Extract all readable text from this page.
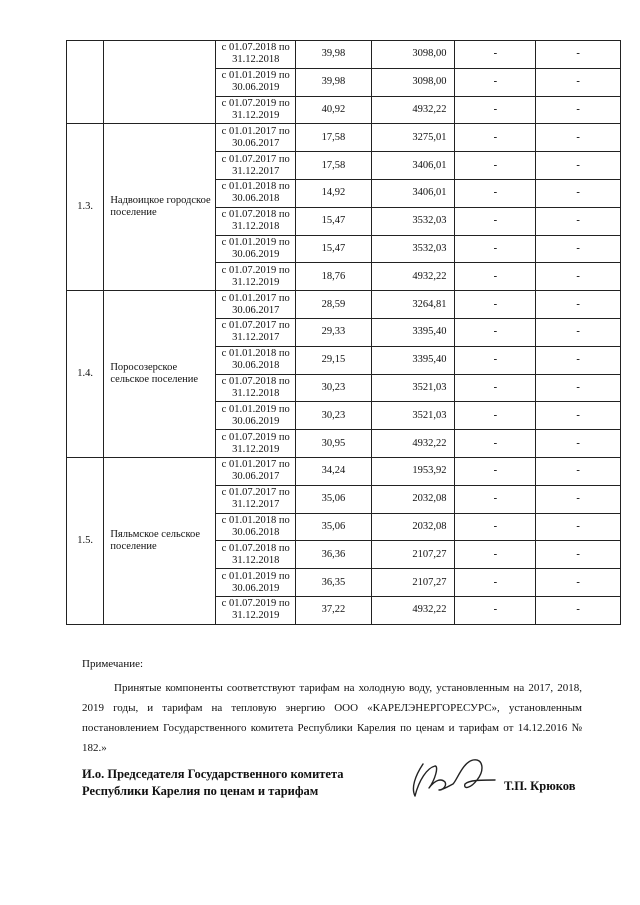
		с 01.07.2018 по 31.12.2018	39,98	3098,00	-	-
		с 01.01.2019 по 30.06.2019	39,98	3098,00	-	-
		с 01.07.2019 по 31.12.2019	40,92	4932,22	-	-
1.3.	Надвоицкое городское поселение	с 01.01.2017 по 30.06.2017	17,58	3275,01	-	-
		с 01.07.2017 по 31.12.2017	17,58	3406,01	-	-
		с 01.01.2018 по 30.06.2018	14,92	3406,01	-	-
		с 01.07.2018 по 31.12.2018	15,47	3532,03	-	-
		с 01.01.2019 по 30.06.2019	15,47	3532,03	-	-
		с 01.07.2019 по 31.12.2019	18,76	4932,22	-	-
1.4.	Поросозерское сельское поселение	с 01.01.2017 по 30.06.2017	28,59	3264,81	-	-
		с 01.07.2017 по 31.12.2017	29,33	3395,40	-	-
		с 01.01.2018 по 30.06.2018	29,15	3395,40	-	-
		с 01.07.2018 по 31.12.2018	30,23	3521,03	-	-
		с 01.01.2019 по 30.06.2019	30,23	3521,03	-	-
		с 01.07.2019 по 31.12.2019	30,95	4932,22	-	-
1.5.	Пяльмское сельское поселение	с 01.01.2017 по 30.06.2017	34,24	1953,92	-	-
		с 01.07.2017 по 31.12.2017	35,06	2032,08	-	-
		с 01.01.2018 по 30.06.2018	35,06	2032,08	-	-
		с 01.07.2018 по 31.12.2018	36,36	2107,27	-	-
		с 01.01.2019 по 30.06.2019	36,35	2107,27	-	-
		с 01.07.2019 по 31.12.2019	37,22	4932,22	-	-
Примечание:
Принятые компоненты соответствуют тарифам на холодную воду, установленным на 2017, 2018, 2019 годы, и тарифам на тепловую энергию ООО «КАРЕЛЭНЕРГОРЕСУРС», установленным постановлением Государственного комитета Республики Карелия по ценам и тарифам от 14.12.2016 № 182.»
И.о. Председателя Государственного комитета
Республики Карелия по ценам и тарифам	Т.П. Крюков
